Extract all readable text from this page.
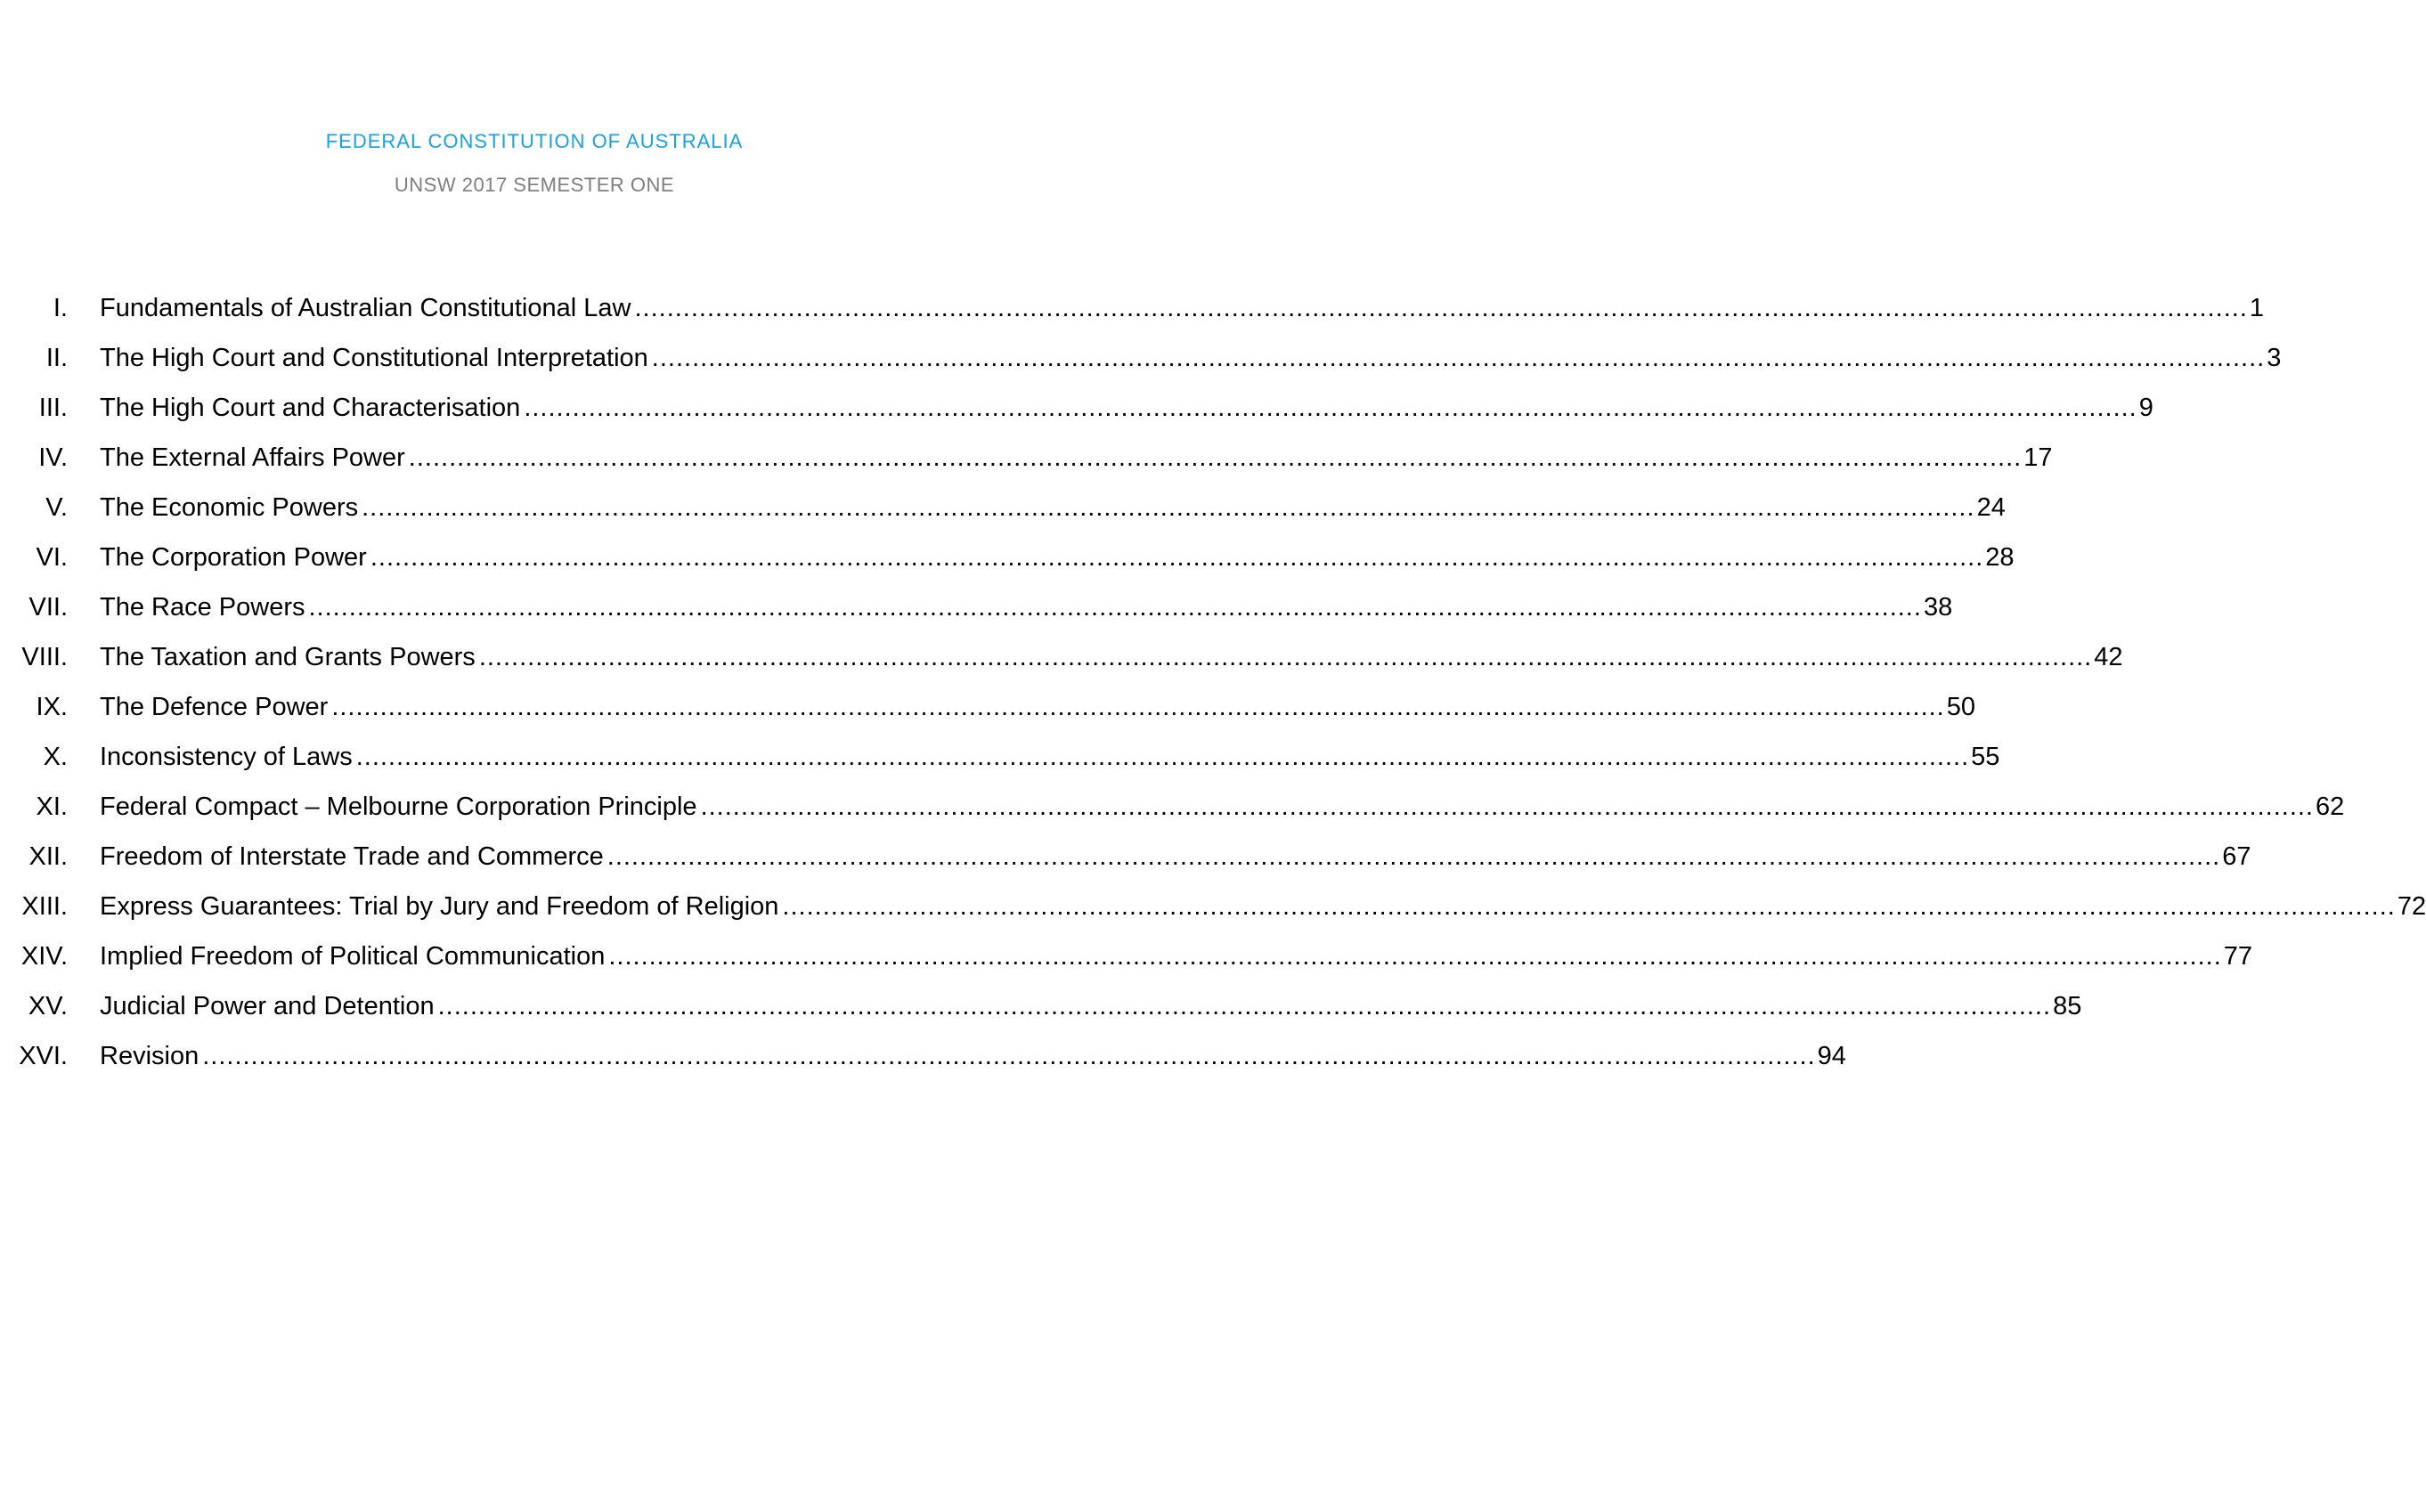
FEDERAL CONSTITUTION OF AUSTRALIA
UNSW 2017 SEMESTER ONE
I. Fundamentals of Australian Constitutional Law ........................................................................................................................................................................................................ 1
II. The High Court and Constitutional Interpretation ........................................................................................................................................................................................................ 3
III. The High Court and Characterisation ........................................................................................................................................................................................................ 9
IV. The External Affairs Power ........................................................................................................................................................................................................ 17
V. The Economic Powers ........................................................................................................................................................................................................ 24
VI. The Corporation Power ........................................................................................................................................................................................................ 28
VII. The Race Powers ........................................................................................................................................................................................................ 38
VIII. The Taxation and Grants Powers ........................................................................................................................................................................................................ 42
IX. The Defence Power ........................................................................................................................................................................................................ 50
X. Inconsistency of Laws ........................................................................................................................................................................................................ 55
XI. Federal Compact – Melbourne Corporation Principle ........................................................................................................................................................................................................ 62
XII. Freedom of Interstate Trade and Commerce ........................................................................................................................................................................................................ 67
XIII. Express Guarantees: Trial by Jury and Freedom of Religion ........................................................................................................................................................................................................ 72
XIV. Implied Freedom of Political Communication ........................................................................................................................................................................................................ 77
XV. Judicial Power and Detention ........................................................................................................................................................................................................ 85
XVI. Revision ........................................................................................................................................................................................................ 94
